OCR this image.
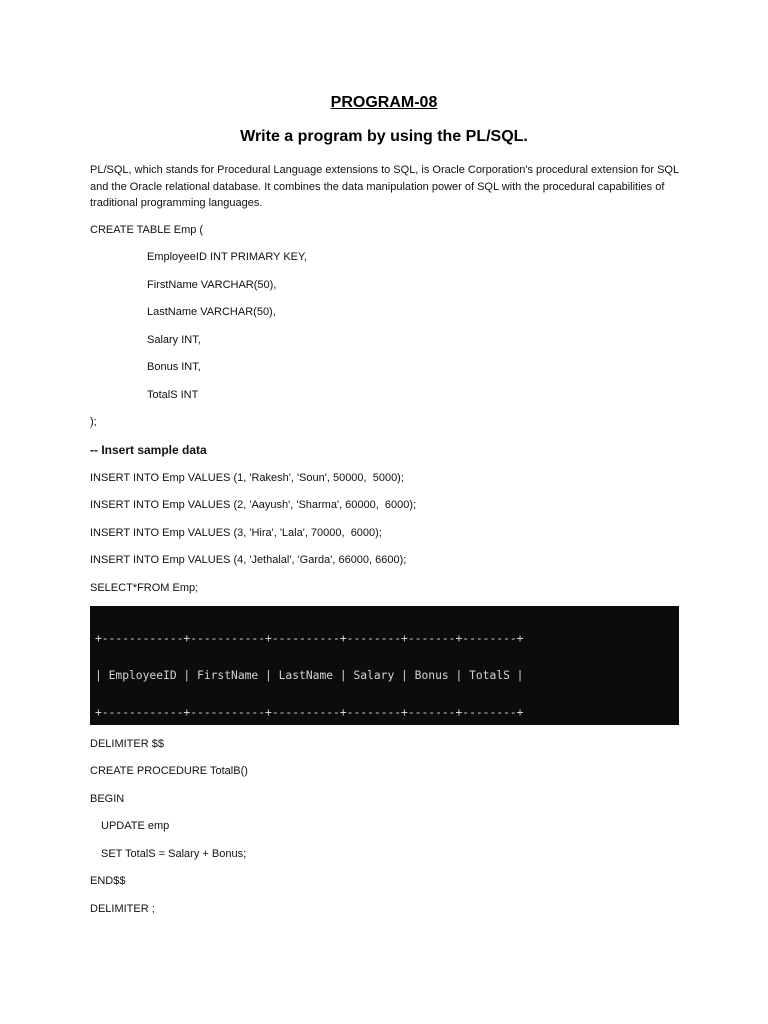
PROGRAM-08
Write a program by using the PL/SQL.
PL/SQL, which stands for Procedural Language extensions to SQL, is Oracle Corporation's procedural extension for SQL and the Oracle relational database. It combines the data manipulation power of SQL with the procedural capabilities of traditional programming languages.
CREATE TABLE Emp (
EmployeeID INT PRIMARY KEY,
FirstName VARCHAR(50),
LastName VARCHAR(50),
Salary INT,
Bonus INT,
TotalS INT
);
-- Insert sample data
INSERT INTO Emp VALUES (1, 'Rakesh', 'Soun', 50000,  5000);
INSERT INTO Emp VALUES (2, 'Aayush', 'Sharma', 60000,  6000);
INSERT INTO Emp VALUES (3, 'Hira', 'Lala', 70000,  6000);
INSERT INTO Emp VALUES (4, 'Jethalal', 'Garda', 66000, 6600);
SELECT*FROM Emp;

+------------+-----------+----------+--------+-------+--------+

| EmployeeID | FirstName | LastName | Salary | Bonus | TotalS |

+------------+-----------+----------+--------+-------+--------+

DELIMITER $$
CREATE PROCEDURE TotalB()
BEGIN
UPDATE emp
SET TotalS = Salary + Bonus;
END$$
DELIMITER ;
